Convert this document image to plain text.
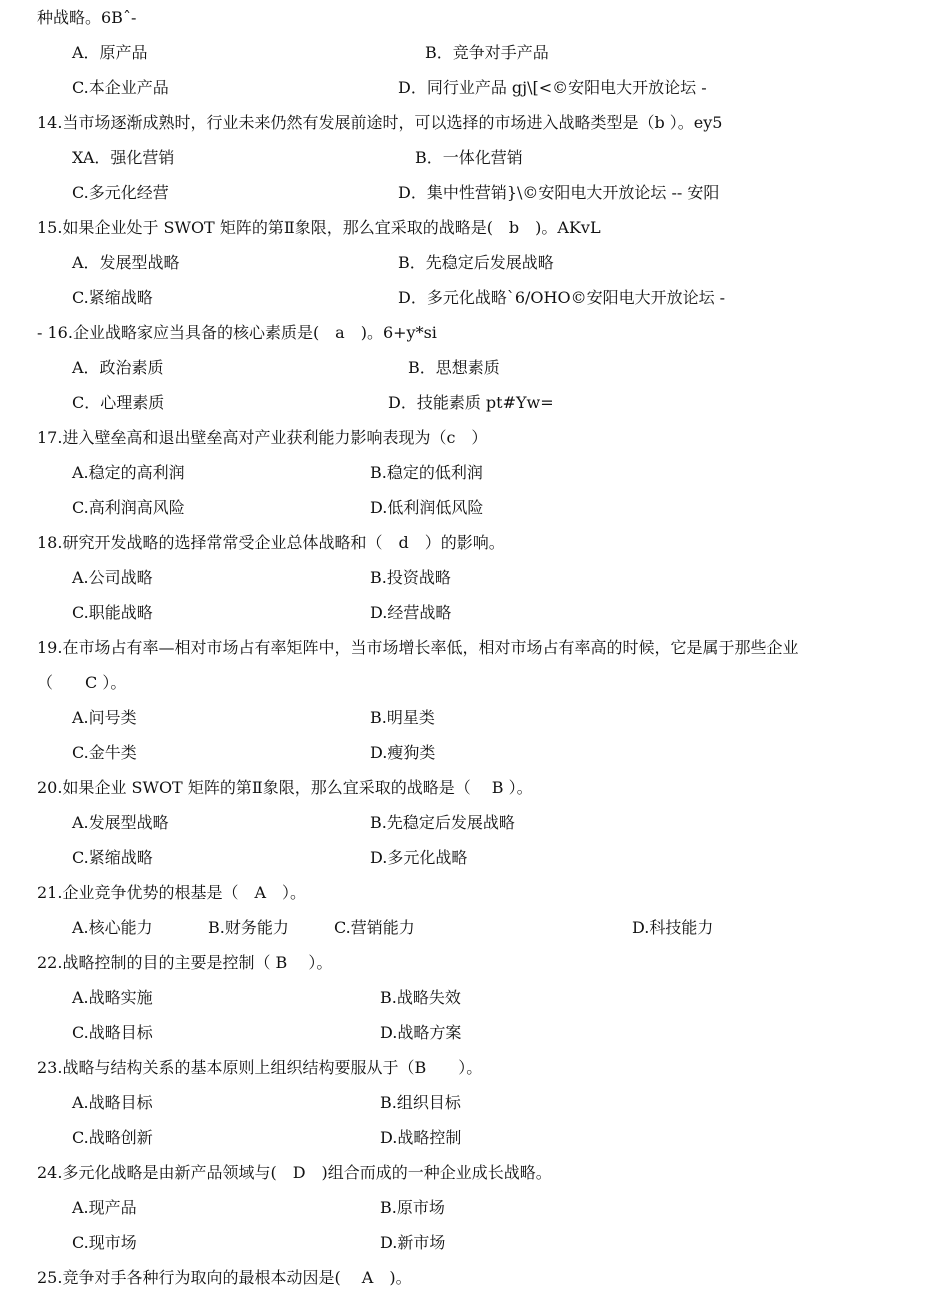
种战略。6Bˆ-
A．原产品	B．竞争对手产品
C.本企业产品	D．同行业产品 gj\[<©安阳电大开放论坛 -
14.当市场逐渐成熟时，行业未来仍然有发展前途时，可以选择的市场进入战略类型是（b ）。ey5
XA．强化营销	B．一体化营销
C.多元化经营	D．集中性营销}\©安阳电大开放论坛 -- 安阳
15.如果企业处于 SWOT 矩阵的第Ⅱ象限，那么宜采取的战略是(　b　)。AKvL
A．发展型战略	B．先稳定后发展战略
C.紧缩战略	D．多元化战略`6/OHO©安阳电大开放论坛 -
- 16.企业战略家应当具备的核心素质是(　a　)。6+y*si
A．政治素质	B．思想素质
C．心理素质	D．技能素质 pt#Yw=
17.进入壁垒高和退出壁垒高对产业获利能力影响表现为（c　）
A.稳定的高利润	B.稳定的低利润
C.高利润高风险	D.低利润低风险
18.研究开发战略的选择常常受企业总体战略和（　d　）的影响。
A.公司战略	B.投资战略
C.职能战略	D.经营战略
19.在市场占有率—相对市场占有率矩阵中，当市场增长率低，相对市场占有率高的时候，它是属于那些企业
（　　C ）。
A.问号类	B.明星类
C.金牛类	D.瘦狗类
20.如果企业 SWOT 矩阵的第Ⅱ象限，那么宜采取的战略是（　 B ）。
A.发展型战略	B.先稳定后发展战略
C.紧缩战略	D.多元化战略
21.企业竞争优势的根基是（　A　）。
A.核心能力	B.财务能力	C.营销能力	D.科技能力
22.战略控制的目的主要是控制（ B　 ）。
A.战略实施	B.战略失效
C.战略目标	D.战略方案
23.战略与结构关系的基本原则上组织结构要服从于（B　　）。
A.战略目标	B.组织目标
C.战略创新	D.战略控制
24.多元化战略是由新产品领域与(　D　)组合而成的一种企业成长战略。
A.现产品	B.原市场
C.现市场	D.新市场
25.竞争对手各种行为取向的最根本动因是(　 A　)。
